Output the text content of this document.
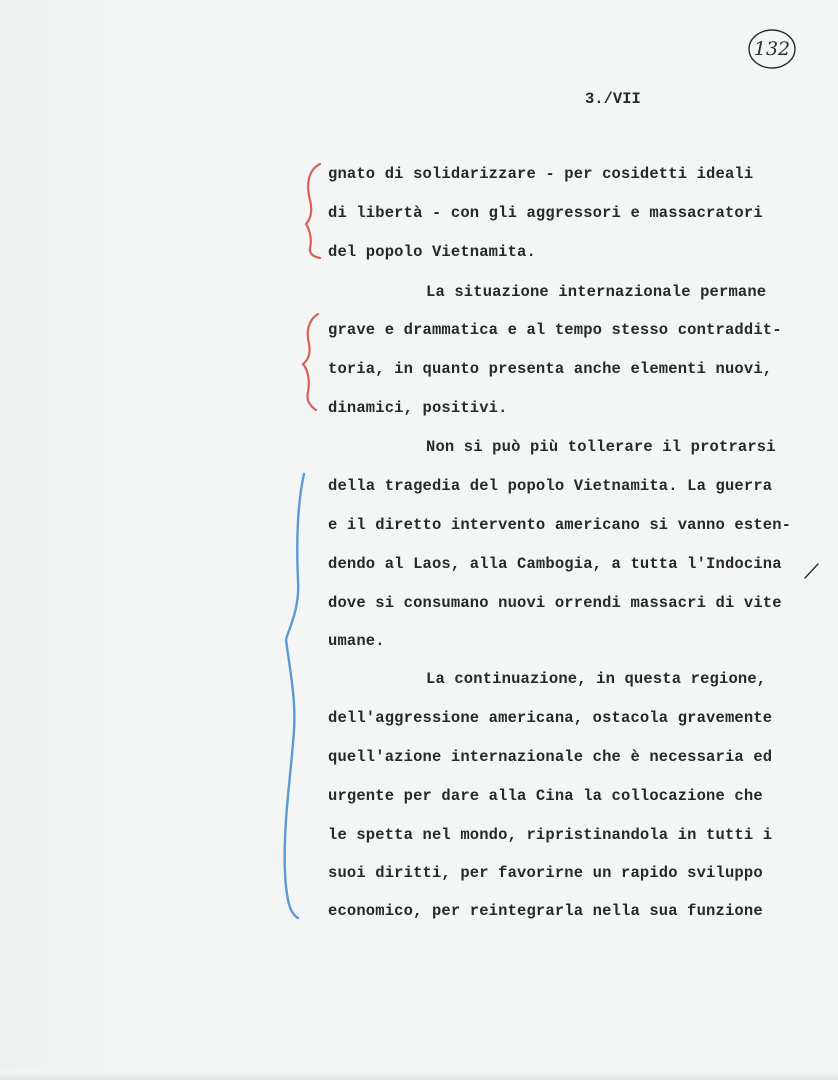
132
3./VII
gnato di solidarizzare - per cosidetti ideali
di libertà - con gli aggressori e massacratori
del popolo Vietnamita.
La situazione internazionale permane
grave e drammatica e al tempo stesso contraddit-
toria, in quanto presenta anche elementi nuovi,
dinamici, positivi.
Non si può più tollerare il protrarsi
della tragedia del popolo Vietnamita. La guerra
e il diretto intervento americano si vanno esten-
dendo al Laos, alla Cambogia, a tutta l'Indocina
dove si consumano nuovi orrendi massacri di vite
umane.
La continuazione, in questa regione,
dell'aggressione americana, ostacola gravemente
quell'azione internazionale che è necessaria ed
urgente per dare alla Cina la collocazione che
le spetta nel mondo, ripristinandola in tutti i
suoi diritti, per favorirne un rapido sviluppo
economico, per reintegrarla nella sua funzione
